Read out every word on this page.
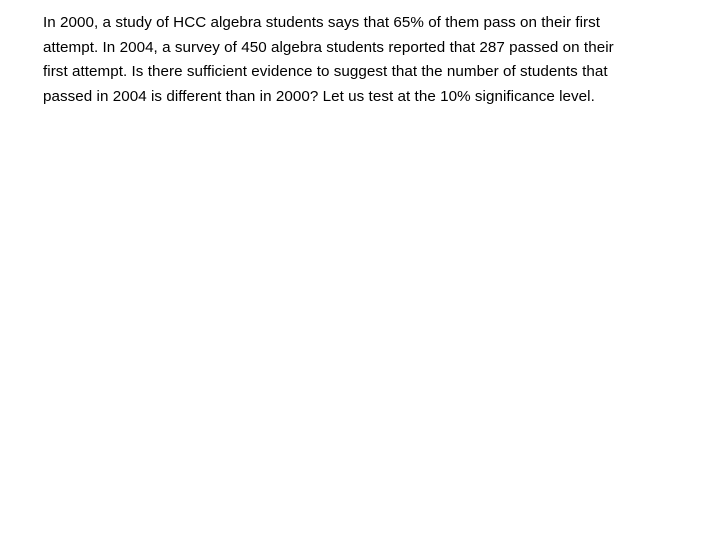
In 2000, a study of HCC algebra students says that 65% of them pass on their first
attempt. In 2004, a survey of 450 algebra students reported that 287 passed on their
first attempt. Is there sufficient evidence to suggest that the number of students that
passed in 2004 is different than in 2000? Let us test at the 10% significance level.
